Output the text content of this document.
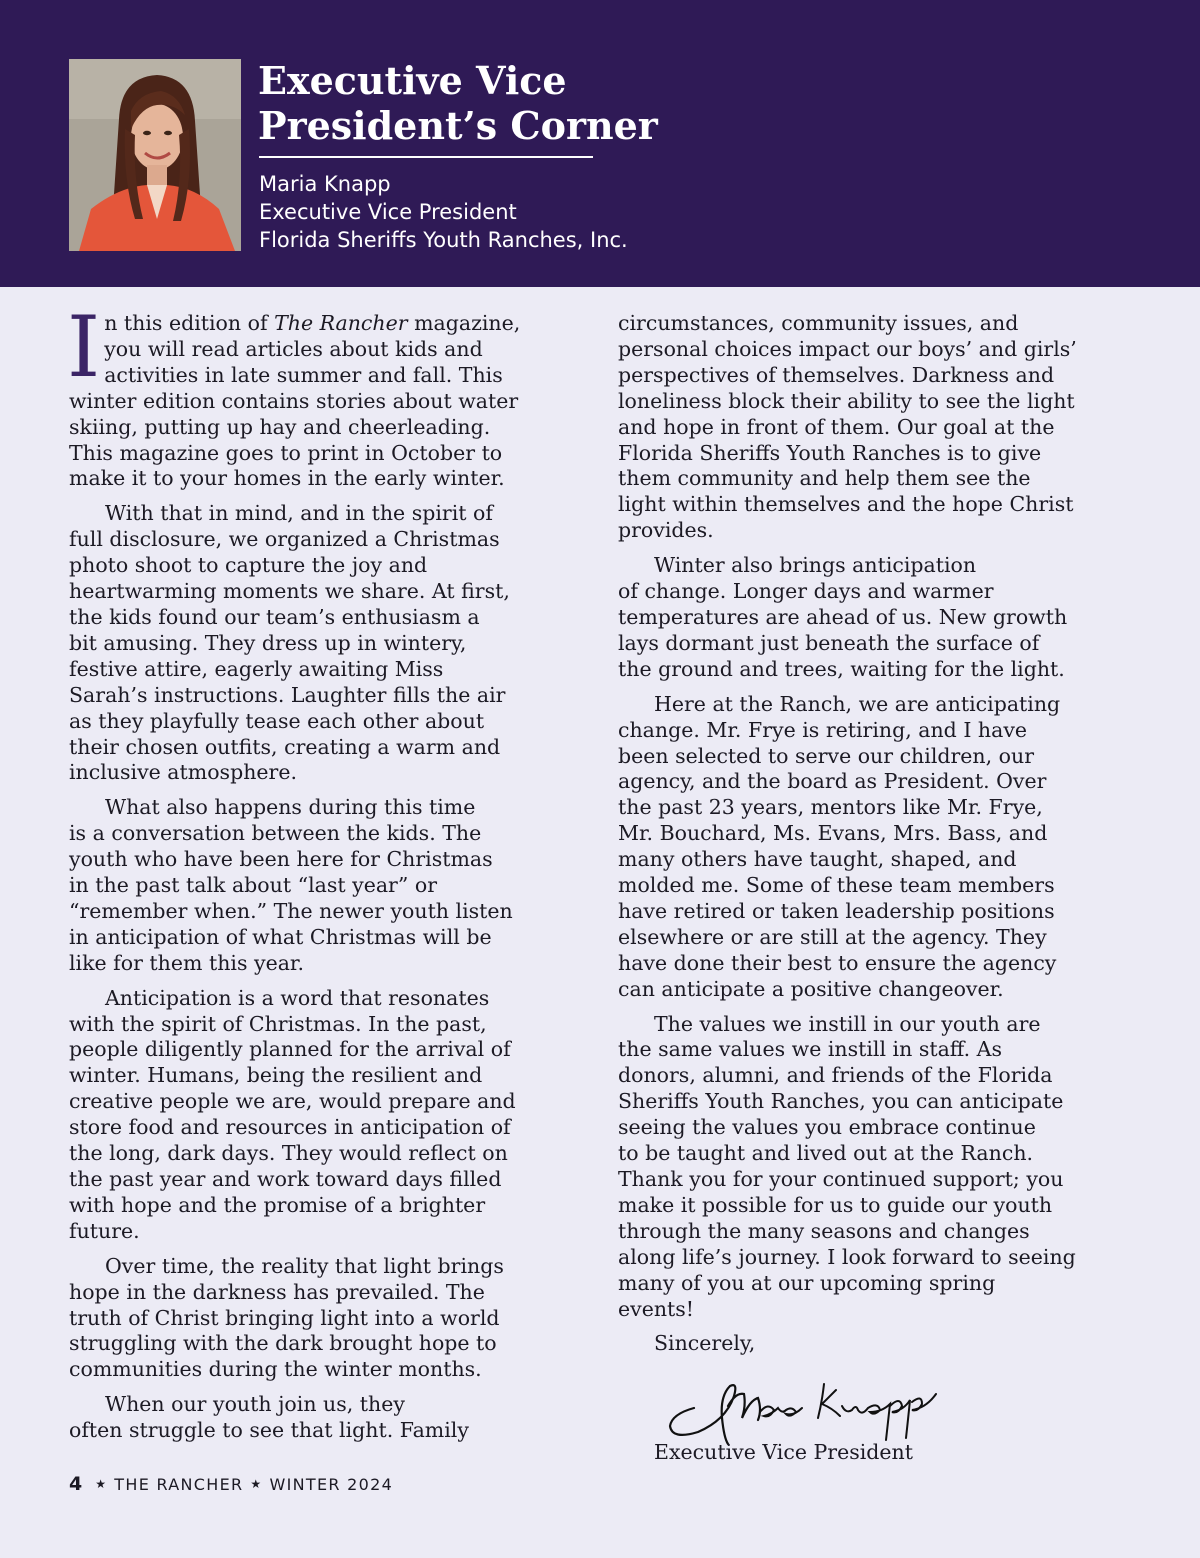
Executive Vice
President’s Corner
Maria Knapp
Executive Vice President
Florida Sheriffs Youth Ranches, Inc.

In this edition of The Rancher magazine,
you will read articles about kids and
activities in late summer and fall. This
winter edition contains stories about water
skiing, putting up hay and cheerleading.
This magazine goes to print in October to
make it to your homes in the early winter.

With that in mind, and in the spirit of
full disclosure, we organized a Christmas
photo shoot to capture the joy and
heartwarming moments we share. At first,
the kids found our team’s enthusiasm a
bit amusing. They dress up in wintery,
festive attire, eagerly awaiting Miss
Sarah’s instructions. Laughter fills the air
as they playfully tease each other about
their chosen outfits, creating a warm and
inclusive atmosphere.

What also happens during this time
is a conversation between the kids. The
youth who have been here for Christmas
in the past talk about “last year” or
“remember when.” The newer youth listen
in anticipation of what Christmas will be
like for them this year.

Anticipation is a word that resonates
with the spirit of Christmas. In the past,
people diligently planned for the arrival of
winter. Humans, being the resilient and
creative people we are, would prepare and
store food and resources in anticipation of
the long, dark days. They would reflect on
the past year and work toward days filled
with hope and the promise of a brighter
future.

Over time, the reality that light brings
hope in the darkness has prevailed. The
truth of Christ bringing light into a world
struggling with the dark brought hope to
communities during the winter months.

When our youth join us, they
often struggle to see that light. Family

circumstances, community issues, and
personal choices impact our boys’ and girls’
perspectives of themselves. Darkness and
loneliness block their ability to see the light
and hope in front of them. Our goal at the
Florida Sheriffs Youth Ranches is to give
them community and help them see the
light within themselves and the hope Christ
provides.

Winter also brings anticipation
of change. Longer days and warmer
temperatures are ahead of us. New growth
lays dormant just beneath the surface of
the ground and trees, waiting for the light.

Here at the Ranch, we are anticipating
change. Mr. Frye is retiring, and I have
been selected to serve our children, our
agency, and the board as President. Over
the past 23 years, mentors like Mr. Frye,
Mr. Bouchard, Ms. Evans, Mrs. Bass, and
many others have taught, shaped, and
molded me. Some of these team members
have retired or taken leadership positions
elsewhere or are still at the agency. They
have done their best to ensure the agency
can anticipate a positive changeover.

The values we instill in our youth are
the same values we instill in staff. As
donors, alumni, and friends of the Florida
Sheriffs Youth Ranches, you can anticipate
seeing the values you embrace continue
to be taught and lived out at the Ranch.
Thank you for your continued support; you
make it possible for us to guide our youth
through the many seasons and changes
along life’s journey. I look forward to seeing
many of you at our upcoming spring
events!

Sincerely,

Maria Knapp
Executive Vice President
4 ★ THE RANCHER ★ WINTER 2024
